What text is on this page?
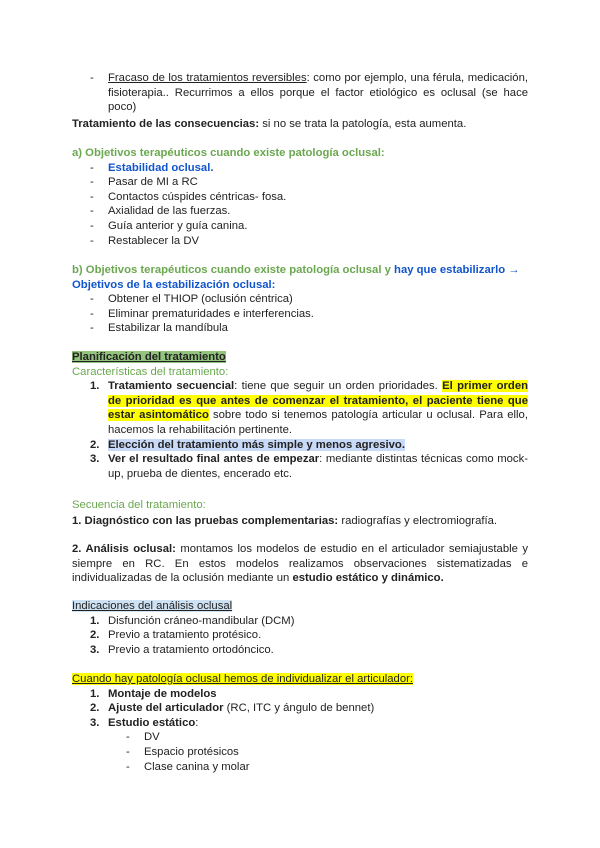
- Fracaso de los tratamientos reversibles: como por ejemplo, una férula, medicación, fisioterapia.. Recurrimos a ellos porque el factor etiológico es oclusal (se hace poco)
Tratamiento de las consecuencias: si no se trata la patología, esta aumenta.
a) Objetivos terapéuticos cuando existe patología oclusal:
- Estabilidad oclusal.
- Pasar de MI a RC
- Contactos cúspides céntricas- fosa.
- Axialidad de las fuerzas.
- Guía anterior y guía canina.
- Restablecer la DV
b) Objetivos terapéuticos cuando existe patología oclusal y hay que estabilizarlo →
Objetivos de la estabilización oclusal:
- Obtener el THIOP (oclusión céntrica)
- Eliminar prematuridades e interferencias.
- Estabilizar la mandíbula
Planificación del tratamiento
Características del tratamiento:
1. Tratamiento secuencial: tiene que seguir un orden prioridades. El primer orden de prioridad es que antes de comenzar el tratamiento, el paciente tiene que estar asintomático sobre todo si tenemos patología articular u oclusal. Para ello, hacemos la rehabilitación pertinente.
2. Elección del tratamiento más simple y menos agresivo.
3. Ver el resultado final antes de empezar: mediante distintas técnicas como mock-up, prueba de dientes, encerado etc.
Secuencia del tratamiento:
1. Diagnóstico con las pruebas complementarias: radiografías y electromiografía.
2. Análisis oclusal: montamos los modelos de estudio en el articulador semiajustable y siempre en RC. En estos modelos realizamos observaciones sistematizadas e individualizadas de la oclusión mediante un estudio estático y dinámico.
Indicaciones del análisis oclusal
1. Disfunción cráneo-mandibular (DCM)
2. Previo a tratamiento protésico.
3. Previo a tratamiento ortodóncico.
Cuando hay patología oclusal hemos de individualizar el articulador:
1. Montaje de modelos
2. Ajuste del articulador (RC, ITC y ángulo de bennet)
3. Estudio estático:
- DV
- Espacio protésicos
- Clase canina y molar
